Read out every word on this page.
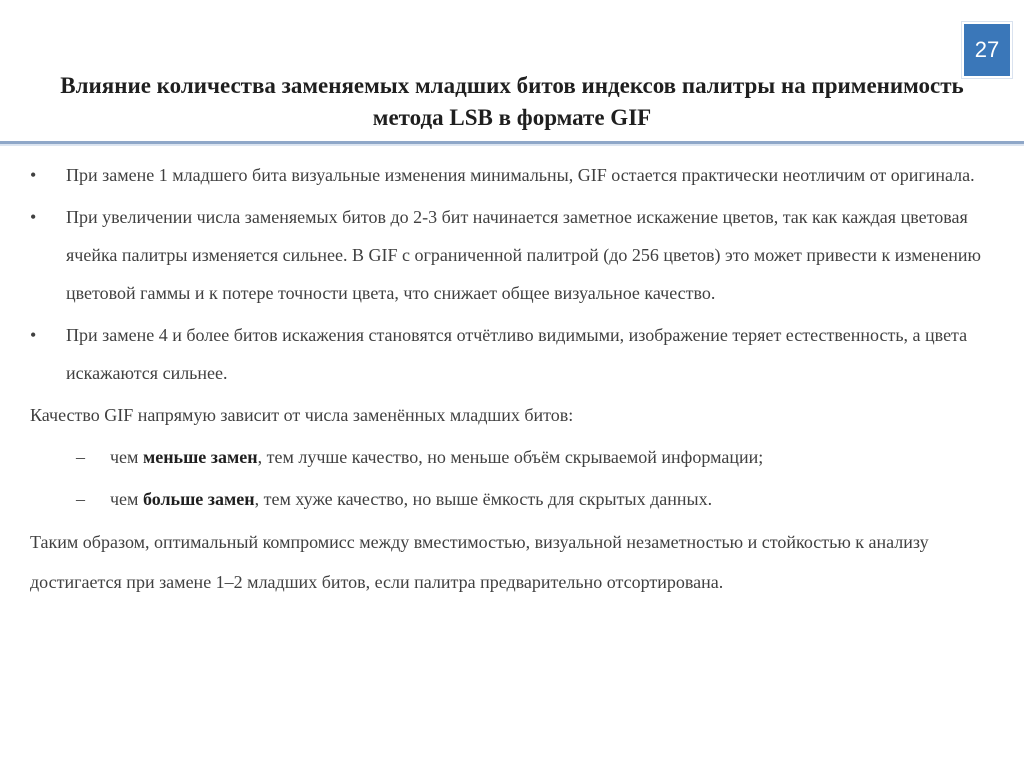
27
Влияние количества заменяемых младших битов индексов палитры на применимость метода LSB в формате GIF
•	При замене 1 младшего бита визуальные изменения минимальны, GIF остается практически неотличим от оригинала.
•	При увеличении числа заменяемых битов до 2-3 бит начинается заметное искажение цветов, так как каждая цветовая ячейка палитры изменяется сильнее. В GIF с ограниченной палитрой (до 256 цветов) это может привести к изменению цветовой гаммы и к потере точности цвета, что снижает общее визуальное качество.
•	При замене 4 и более битов искажения становятся отчётливо видимыми, изображение теряет естественность, а цвета искажаются сильнее.

Качество GIF напрямую зависит от числа заменённых младших битов:

– чем меньше замен, тем лучше качество, но меньше объём скрываемой информации;
– чем больше замен, тем хуже качество, но выше ёмкость для скрытых данных.

Таким образом, оптимальный компромисс между вместимостью, визуальной незаметностью и стойкостью к анализу достигается при замене 1–2 младших битов, если палитра предварительно отсортирована.
